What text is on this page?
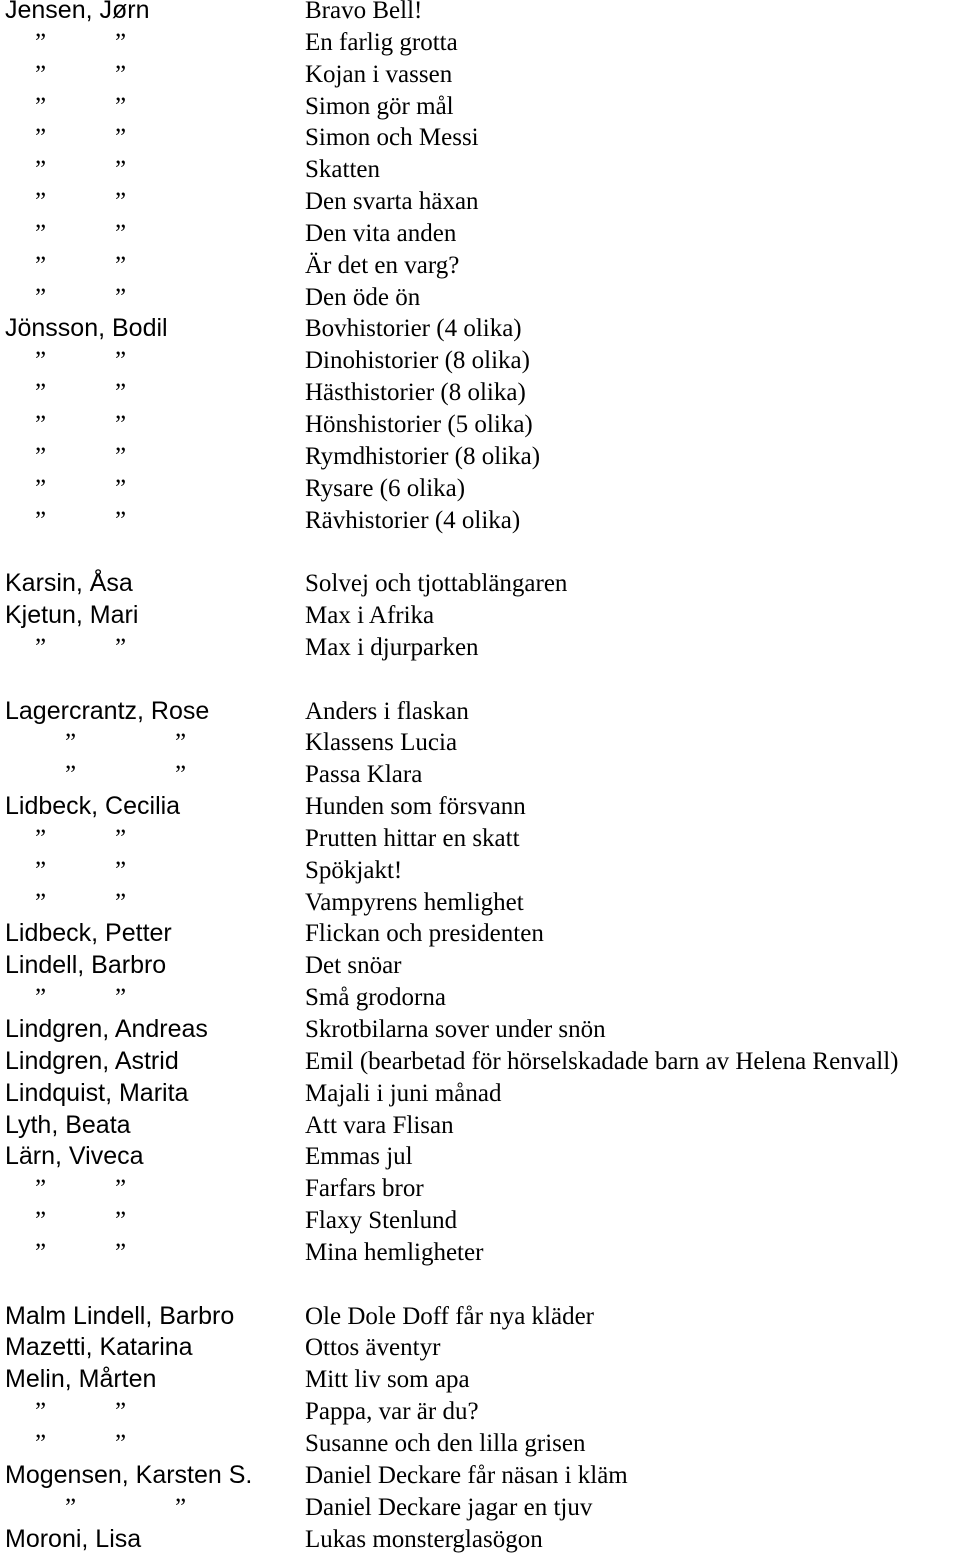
Jensen, Jørn	Bravo Bell!
”	”	En farlig grotta
”	”	Kojan i vassen
”	”	Simon gör mål
”	”	Simon och Messi
”	”	Skatten
”	”	Den svarta häxan
”	”	Den vita anden
”	”	Är det en varg?
”	”	Den öde ön
Jönsson, Bodil	Bovhistorier (4 olika)
”	”	Dinohistorier (8 olika)
”	”	Hästhistorier (8 olika)
”	”	Hönshistorier (5 olika)
”	”	Rymdhistorier (8 olika)
”	”	Rysare (6 olika)
”	”	Rävhistorier (4 olika)
Karsin, Åsa	Solvej och tjottablängaren
Kjetun, Mari	Max i Afrika
”	”	Max i djurparken
Lagercrantz, Rose	Anders i flaskan
”	”	Klassens Lucia
”	”	Passa Klara
Lidbeck, Cecilia	Hunden som försvann
”	”	Prutten hittar en skatt
”	”	Spökjakt!
”	”	Vampyrens hemlighet
Lidbeck, Petter	Flickan och presidenten
Lindell, Barbro	Det snöar
”	”	Små grodorna
Lindgren, Andreas	Skrotbilarna sover under snön
Lindgren, Astrid	Emil (bearbetad för hörselskadade barn av Helena Renvall)
Lindquist, Marita	Majali i juni månad
Lyth, Beata	Att vara Flisan
Lärn, Viveca	Emmas jul
”	”	Farfars bror
”	”	Flaxy Stenlund
”	”	Mina hemligheter
Malm Lindell, Barbro	Ole Dole Doff får nya kläder
Mazetti, Katarina	Ottos äventyr
Melin, Mårten	Mitt liv som apa
”	”	Pappa, var är du?
”	”	Susanne och den lilla grisen
Mogensen, Karsten S. Daniel Deckare får näsan i kläm
”	”	Daniel Deckare jagar en tjuv
Moroni, Lisa	Lukas monsterglasögon
